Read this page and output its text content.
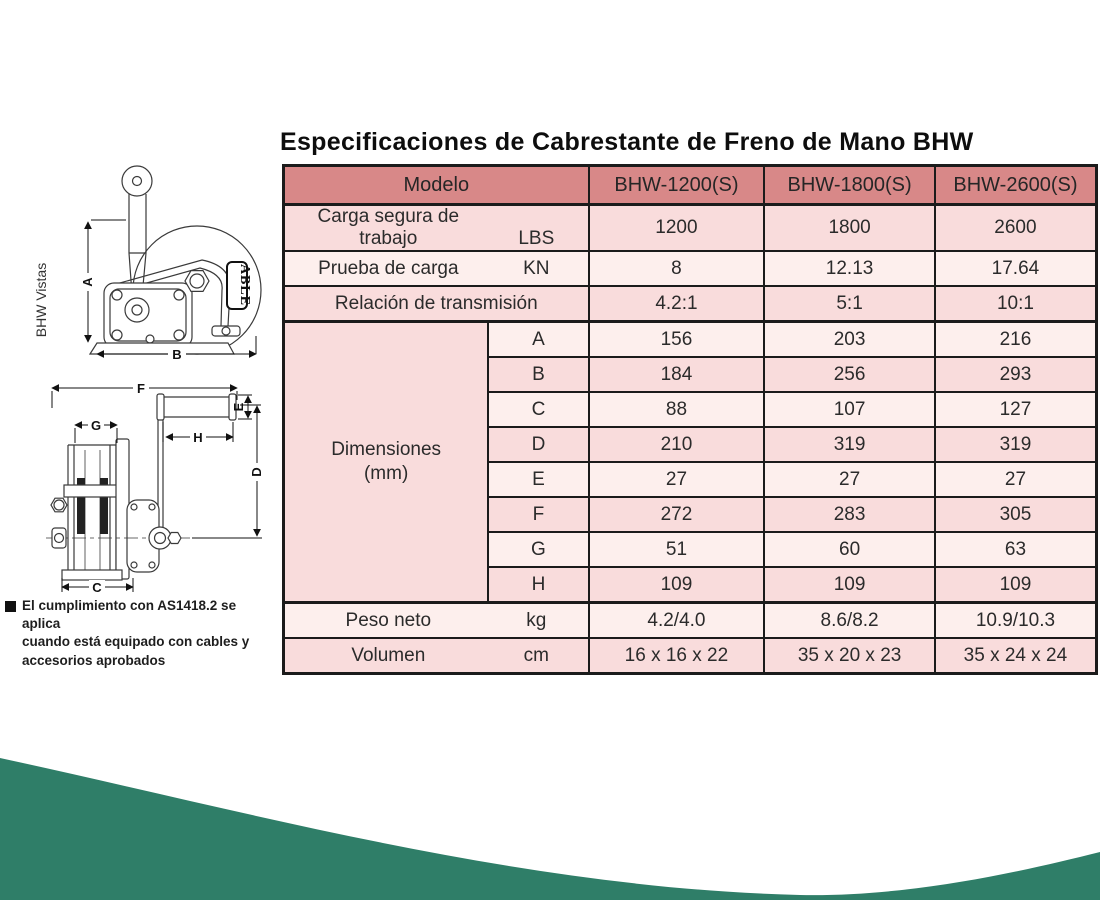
Especificaciones de Cabrestante de Freno de Mano BHW
BHW Vistas	ABLE
A
B
F
G
H
E
D
C
El cumplimiento con AS1418.2 se aplica
cuando está equipado con cables y
accesorios aprobados
Modelo		BHW-1200(S)	BHW-1800(S)	BHW-2600(S)
Carga segura de trabajo LBS		1200	1800	2600
Prueba de carga KN		8	12.13	17.64
Relación de transmisión		4.2:1	5:1	10:1

Dimensiones
(mm)	A	156	203	216
	B	184	256	293
	C	88	107	127
	D	210	319	319
	E	27	27	27
	F	272	283	305
	G	51	60	63
	H	109	109	109
Peso neto kg		4.2/4.0	8.6/8.2	10.9/10.3
Volumen cm		16 x 16 x 22	35 x 20 x 23	35 x 24 x 24
